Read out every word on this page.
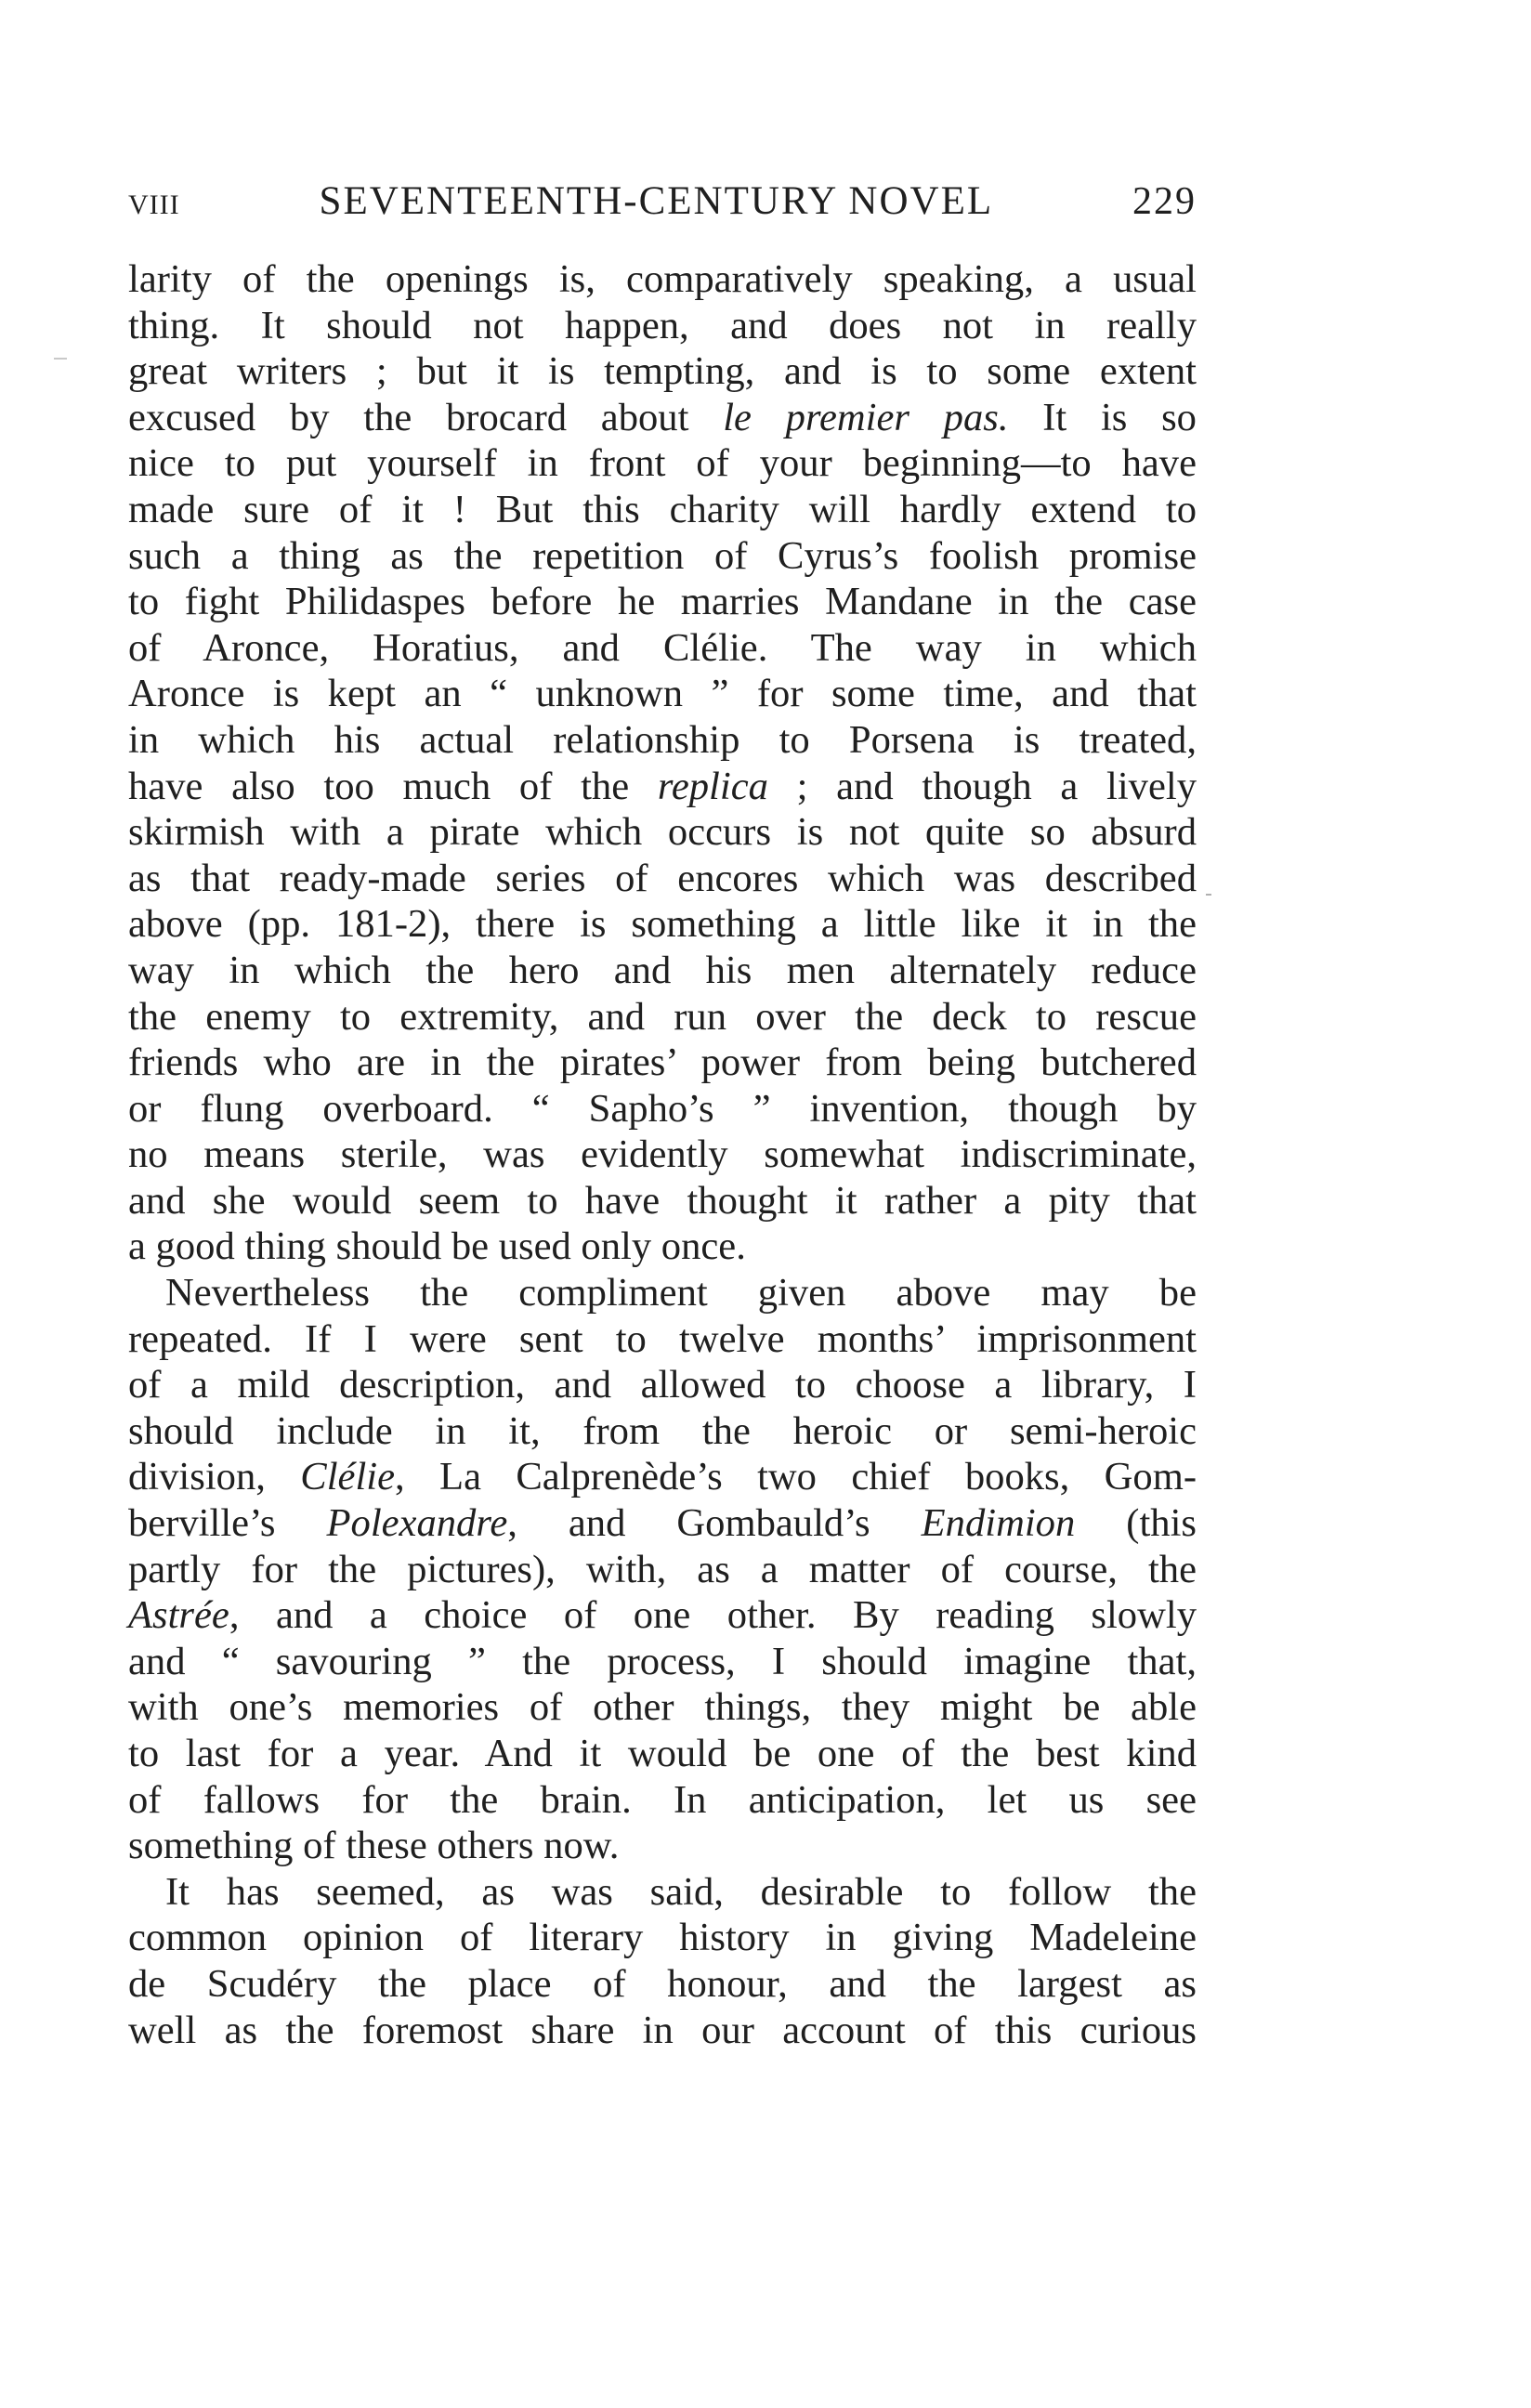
VIII	SEVENTEENTH-CENTURY NOVEL	229
larity of the openings is, comparatively speaking, a usual
thing. It should not happen, and does not in really
great writers ; but it is tempting, and is to some extent
excused by the brocard about le premier pas. It is so
nice to put yourself in front of your beginning—to have
made sure of it ! But this charity will hardly extend to
such a thing as the repetition of Cyrus’s foolish promise
to fight Philidaspes before he marries Mandane in the case
of Aronce, Horatius, and Clélie. The way in which
Aronce is kept an “ unknown ” for some time, and that
in which his actual relationship to Porsena is treated,
have also too much of the replica ; and though a lively
skirmish with a pirate which occurs is not quite so absurd
as that ready-made series of encores which was described
above (pp. 181-2), there is something a little like it in the
way in which the hero and his men alternately reduce
the enemy to extremity, and run over the deck to rescue
friends who are in the pirates’ power from being butchered
or flung overboard. “ Sapho’s ” invention, though by
no means sterile, was evidently somewhat indiscriminate,
and she would seem to have thought it rather a pity that
a good thing should be used only once.
Nevertheless the compliment given above may be
repeated. If I were sent to twelve months’ imprisonment
of a mild description, and allowed to choose a library, I
should include in it, from the heroic or semi-heroic
division, Clélie, La Calprenède’s two chief books, Gom-
berville’s Polexandre, and Gombauld’s Endimion (this
partly for the pictures), with, as a matter of course, the
Astrée, and a choice of one other. By reading slowly
and “ savouring ” the process, I should imagine that,
with one’s memories of other things, they might be able
to last for a year. And it would be one of the best kind
of fallows for the brain. In anticipation, let us see
something of these others now.
It has seemed, as was said, desirable to follow the
common opinion of literary history in giving Madeleine
de Scudéry the place of honour, and the largest as
well as the foremost share in our account of this curious
